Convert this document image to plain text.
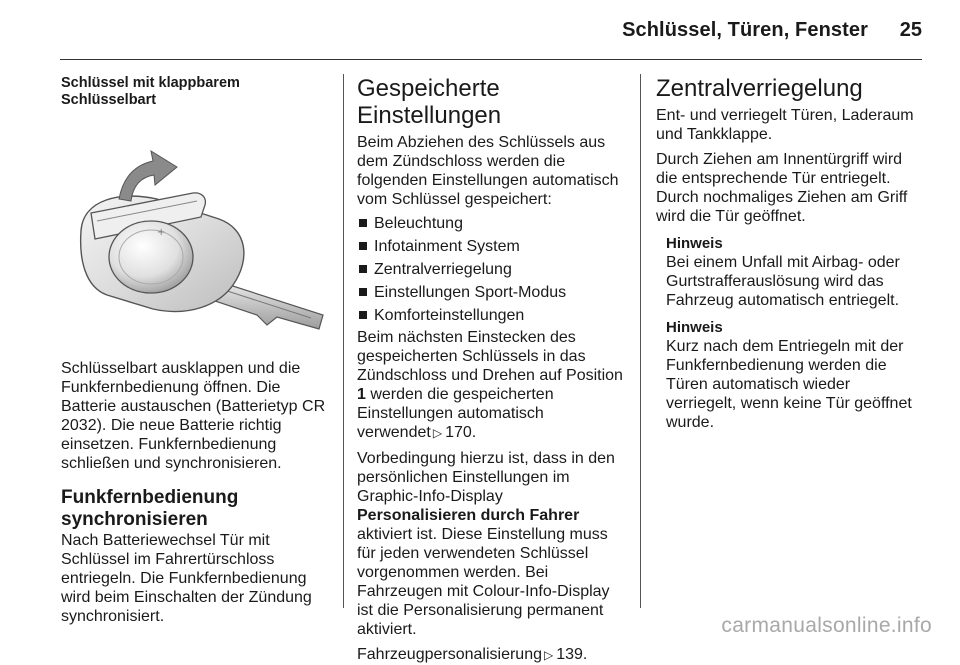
Schlüssel, Türen, Fenster 25
Schlüssel mit klappbarem Schlüsselbart
+

Schlüsselbart ausklappen und die Funkfernbedienung öffnen. Die Batterie austauschen (Batterietyp CR 2032). Die neue Batterie richtig einsetzen. Funkfernbedienung schließen und synchronisieren.

Funkfernbedienung synchronisieren

Nach Batteriewechsel Tür mit Schlüssel im Fahrertürschloss entriegeln. Die Funkfernbedienung wird beim Einschalten der Zündung synchronisiert.

Gespeicherte Einstellungen

Beim Abziehen des Schlüssels aus dem Zündschloss werden die folgenden Einstellungen automatisch vom Schlüssel gespeichert:

Beleuchtung
Infotainment System
Zentralverriegelung
Einstellungen Sport-Modus
Komforteinstellungen

Beim nächsten Einstecken des gespeicherten Schlüssels in das Zündschloss und Drehen auf Position 1 werden die gespeicherten Einstellungen automatisch verwendet ▷ 170.

Vorbedingung hierzu ist, dass in den persönlichen Einstellungen im Graphic-Info-Display Personalisieren durch Fahrer aktiviert ist. Diese Einstellung muss für jeden verwendeten Schlüssel vorgenommen werden. Bei Fahrzeugen mit Colour-Info-Display ist die Personalisierung permanent aktiviert.

Fahrzeugpersonalisierung ▷ 139.

Zentralverriegelung

Ent- und verriegelt Türen, Laderaum und Tankklappe.

Durch Ziehen am Innentürgriff wird die entsprechende Tür entriegelt. Durch nochmaliges Ziehen am Griff wird die Tür geöffnet.

Hinweis

Bei einem Unfall mit Airbag- oder Gurtstrafferauslösung wird das Fahrzeug automatisch entriegelt.

Hinweis

Kurz nach dem Entriegeln mit der Funkfernbedienung werden die Türen automatisch wieder verriegelt, wenn keine Tür geöffnet wurde.

carmanualsonline.info
